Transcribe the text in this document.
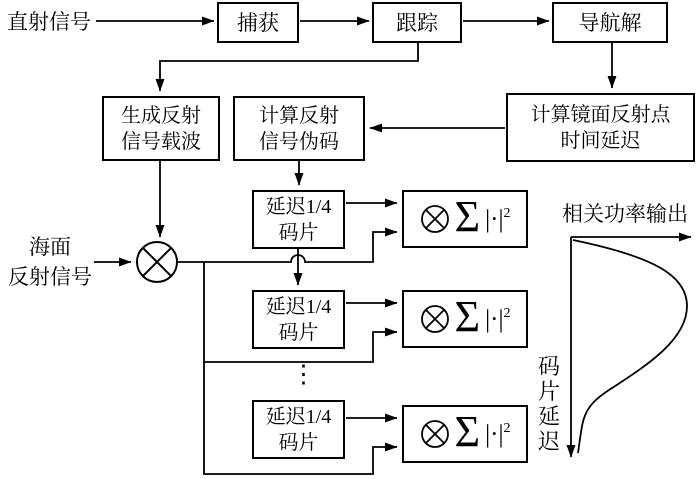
直射信号
海面
反射信号
相关功率输出
码
片
延
迟
⋮
捕获	跟踪	导航解
生成反射
信号载波
计算反射
信号伪码
计算镜面反射点
时间延迟
延迟1/4
码片
延迟1/4
码片
延迟1/4
码片
Σ $|\cdot|^2$
Σ $|\cdot|^2$
Σ $|\cdot|^2$
